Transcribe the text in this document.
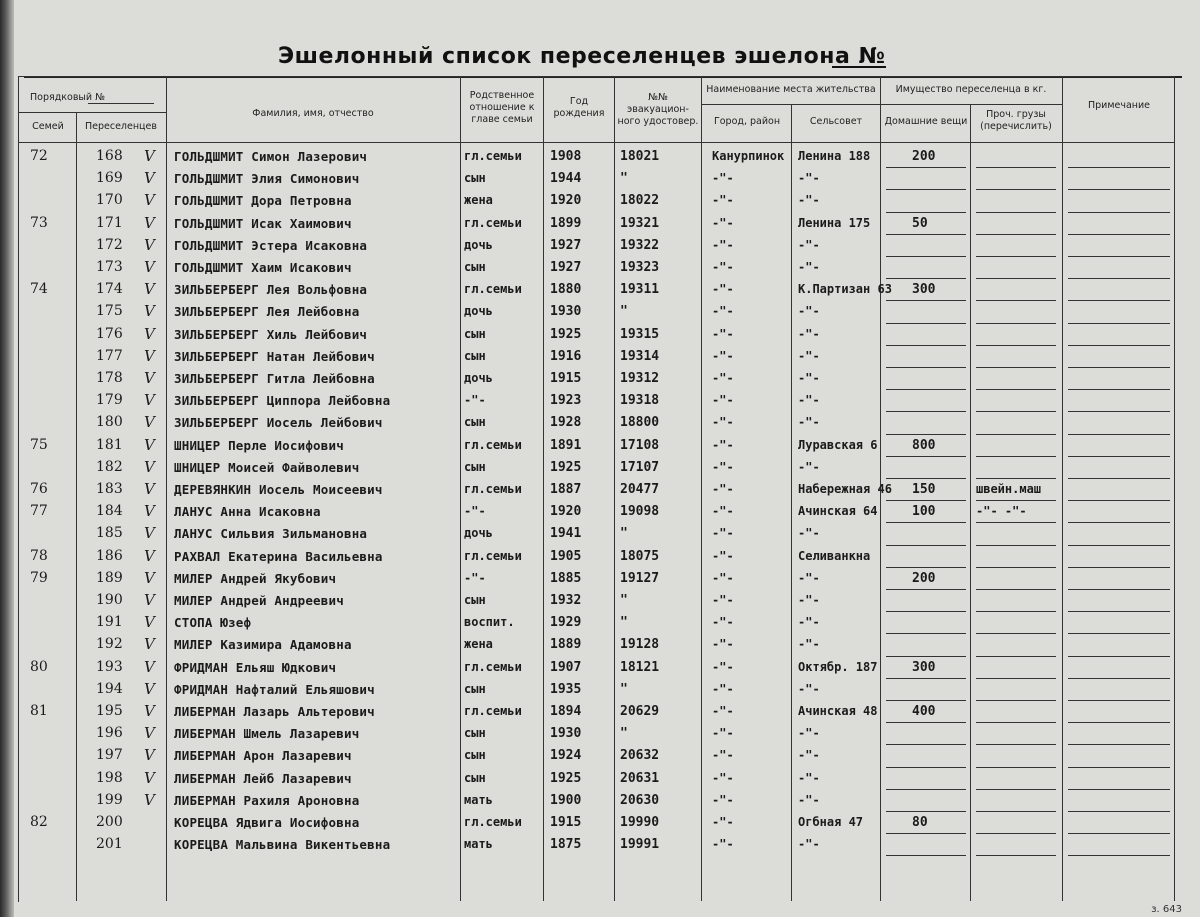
Эшелонный список переселенцев эшелона №
Порядковый №
Семей	Переселенцев
Фамилия, имя, отчество
Родственное отношение к главе семьи
Год рождения
№№ эвакуацион-ного удостовер.
Наименование места жительства
Город, район	Сельсовет
Имущество переселенца в кг.
Домашние вещи
Проч. грузы (перечислить)
Примечание
72	168 V ГОЛЬДШМИТ Симон Лазерович	гл.семьи 1908	18021	Канурпинок Ленина 188	200
169 V ГОЛЬДШМИТ Элия Симонович	сын	1944	"	-"-	-"-
170 V ГОЛЬДШМИТ Дора Петровна	жена	1920	18022	-"-	-"-
73	171 V ГОЛЬДШМИТ Исак Хаимович	гл.семьи 1899	19321	-"-	Ленина 175	50
172 V ГОЛЬДШМИТ Эстера Исаковна	дочь	1927	19322	-"-	-"-
173 V ГОЛЬДШМИТ Хаим Исакович	сын	1927	19323	-"-	-"-
74	174 V ЗИЛЬБЕРБЕРГ Лея Вольфовна	гл.семьи 1880	19311	-"-	К.Партизан 63 300
175 V ЗИЛЬБЕРБЕРГ Лея Лейбовна	дочь	1930	"	-"-	-"-
176 V ЗИЛЬБЕРБЕРГ Хиль Лейбович	сын	1925	19315	-"-	-"-
177 V ЗИЛЬБЕРБЕРГ Натан Лейбович	сын	1916	19314	-"-	-"-
178 V ЗИЛЬБЕРБЕРГ Гитла Лейбовна	дочь	1915	19312	-"-	-"-
179 V ЗИЛЬБЕРБЕРГ Циппора Лейбовна	-"-	1923	19318	-"-	-"-
180 V ЗИЛЬБЕРБЕРГ Иосель Лейбович	сын	1928	18800	-"-	-"-
75	181 V ШНИЦЕР Перле Иосифович	гл.семьи 1891	17108	-"-	Луравская 6	800
182 V ШНИЦЕР Моисей Файволевич	сын	1925	17107	-"-	-"-
76	183 V ДЕРЕВЯНКИН Иосель Моисеевич	гл.семьи 1887	20477	-"-	Набережная 46 150	швейн.маш
77	184 V ЛАНУС Анна Исаковна	-"-	1920	19098	-"-	Ачинская 64	100	-"- -"-
185 V ЛАНУС Сильвия Зильмановна	дочь	1941	"	-"-	-"-
78	186 V РАХВАЛ Екатерина Васильевна	гл.семьи 1905	18075	-"-	Селиванкна
79	189 V МИЛЕР Андрей Якубович	-"-	1885	19127	-"-	-"-	200
190 V МИЛЕР Андрей Андреевич	сын	1932	"	-"-	-"-
191 V СТОПА Юзеф	воспит.	1929	"	-"-	-"-
192 V МИЛЕР Казимира Адамовна	жена	1889	19128	-"-	-"-
80	193 V ФРИДМАН Ельяш Юдкович	гл.семьи 1907	18121	-"-	Октябр. 187	300
194 V ФРИДМАН Нафталий Ельяшович	сын	1935	"	-"-	-"-
81	195 V ЛИБЕРМАН Лазарь Альтерович	гл.семьи 1894	20629	-"-	Ачинская 48	400
196 V ЛИБЕРМАН Шмель Лазаревич	сын	1930	"	-"-	-"-
197 V ЛИБЕРМАН Арон Лазаревич	сын	1924	20632	-"-	-"-
198 V ЛИБЕРМАН Лейб Лазаревич	сын	1925	20631	-"-	-"-
199 V ЛИБЕРМАН Рахиля Ароновна	мать	1900	20630	-"-	-"-
82	200	КОРЕЦВА Ядвига Иосифовна	гл.семьи 1915	19990	-"-	Огбная 47	80
201	КОРЕЦВА Мальвина Викентьевна	мать	1875	19991	-"-	-"-
з. 643
